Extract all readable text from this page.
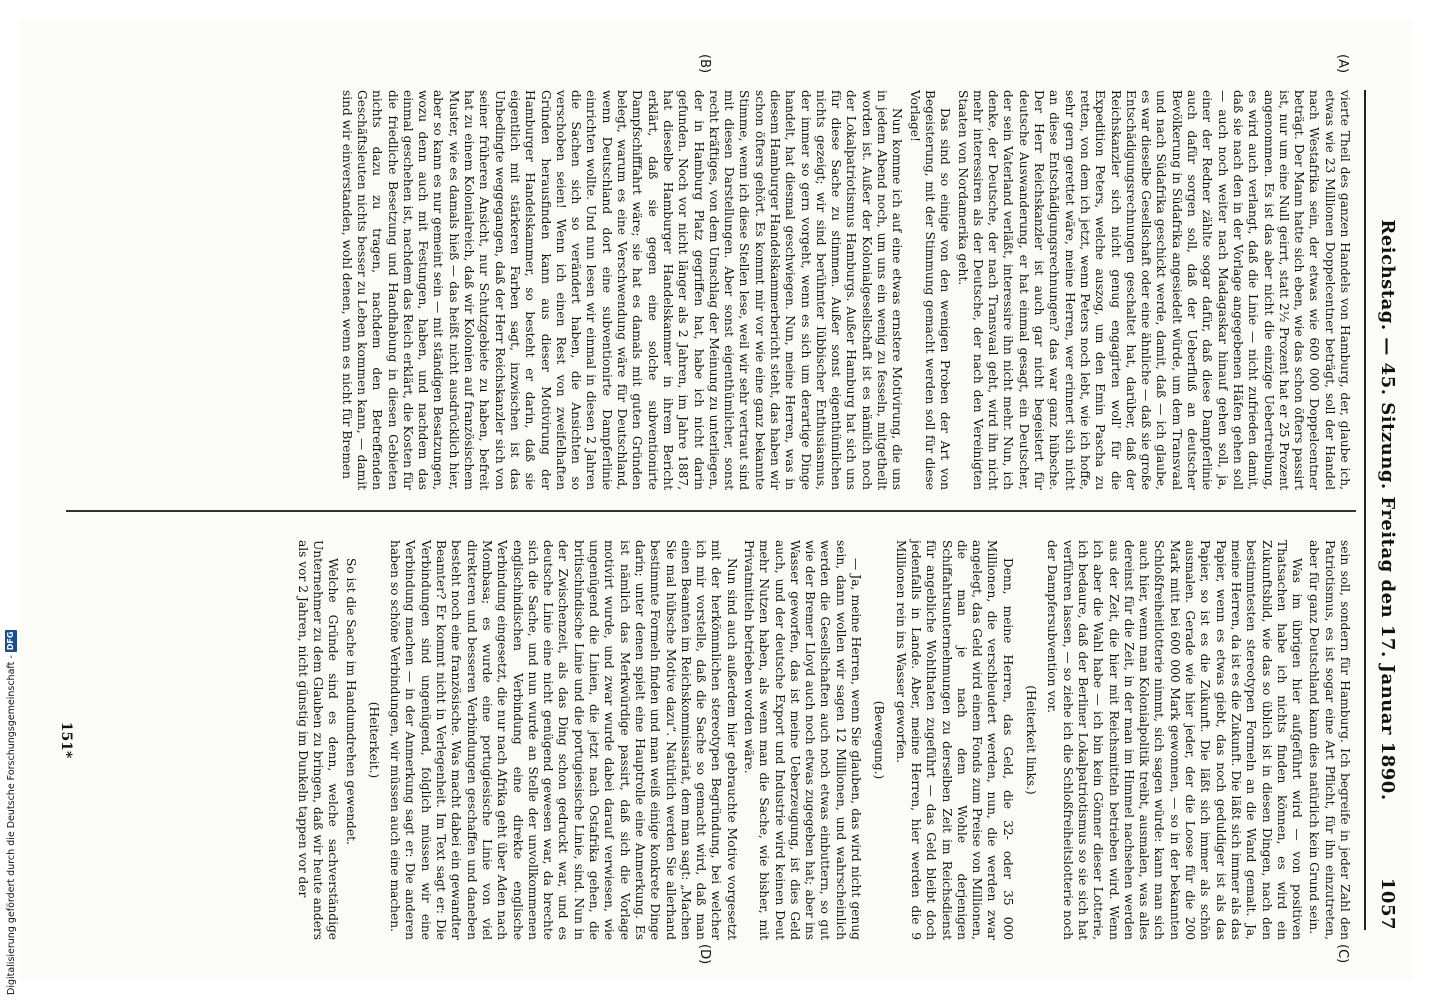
Reichstag. — 45. Sitzung. Freitag den 17. Januar 1890.
1057
(A)
(B)
(C)
(D)

vierte Theil des ganzen Handels von Hamburg, der, glaube ich, etwas wie 23 Millionen Doppelcentner beträgt, soll der Handel nach Westafrika sein, der etwas wie 600 000 Doppelcentner beträgt. Der Mann hatte sich eben, wie das schon öfters passirt ist, nur um eine Null geirrt, statt 2½ Prozent hat er 25 Prozent angenommen. Es ist das aber nicht die einzige Uebertreibung, es wird auch verlangt, daß die Linie — nicht zufrieden damit, daß sie nach den in der Vorlage angegebenen Häfen gehen soll — auch noch weiter nach Madagaskar hinauf gehen soll, ja, einer der Redner zählte sogar dafür, daß diese Dampferlinie auch dafür sorgen soll, daß der Ueberfluß an deutscher Bevölkerung in Südafrika angesiedelt würde, um dem Transvaal und nach Südafrika geschickt werde, damit, daß — ich glaube, es war dieselbe Gesellschaft oder eine ähnliche — daß sie große Entschädigungsrechnungen geschaltet hat, darüber, daß der Reichskanzler sich nicht genug engagirten woll' für die Expedition Peters, welche auszog, um den Emin Pascha zu retten, von dem ich jetzt, wenn Peters noch lebt, wie ich hoffe, sehr gern gerettet wäre, meine Herren, wer erinnert sich nicht an diese Entschädigungsrechnungen? das war ganz hübsche. Der Herr Reichskanzler ist auch gar nicht begeistert für deutsche Auswanderung, er hat einmal gesagt, ein Deutscher, der sein Vaterland verläßt, interessire ihn nicht mehr. Nun, ich denke, der Deutsche, der nach Transvaal geht, wird ihn nicht mehr interessiren als der Deutsche, der nach den Vereinigten Staaten von Nordamerika geht.

Das sind so einige von den wenigen Proben der Art von Begeisterung, mit der Stimmung gemacht werden soll für diese Vorlage!

Nun komme ich auf eine etwas ernstere Motivirung, die uns in jedem Abend noch, um uns ein wenig zu fesseln, mitgetheilt worden ist. Außer der Kolonialgesellschaft ist es nämlich noch der Lokalpatriotismus Hamburgs. Außer Hamburg hat sich uns für diese Sache zu stimmen. Außer sonst eigenthümlichen nichts gezeigt; wir sind berühmter lübbischer Enthusiasmus, der immer so gern vorgeht, wenn es sich um derartige Dinge handelt, hat diesmal geschwiegen. Nun, meine Herren, was in diesem Hamburger Handelskammerbericht steht, das haben wir schon öfters gehört. Es kommt mir vor wie eine ganz bekannte Stimme, wenn ich diese Stellen lese, weil wir sehr vertraut sind mit diesen Darstellungen. Aber sonst eigenthümlicher, sonst recht kräftiges, von dem Umschlag der Meinung zu unterliegen, der in Hamburg Platz gegriffen hat, habe ich nicht darin gefunden. Noch vor nicht länger als 2 Jahren, im Jahre 1887, hat dieselbe Hamburger Handelskammer in ihrem Bericht erklärt, daß sie gegen eine solche subventionirte Dampfschifffahrt wäre; sie hat es damals mit guten Gründen belegt, warum es eine Verschwendung wäre für Deutschland, wenn Deutschland dort eine subventionirte Dampferlinie einrichten wollte. Und nun lesen wir einmal in diesen 2 Jahren die Sachen sich so verändert haben, die Ansichten so verschoben seien! Wenn ich einen Rest von zweifelhaften Gründen herausfinden kann aus dieser Motivirung der Hamburger Handelskammer, so besteht er darin, daß sie eigentlich mit stärkeren Farben sagt, inzwischen ist das Unbedingte weggegangen, daß der Herr Reichskanzler sich von seiner früheren Ansicht, nur Schutzgebiete zu haben, befreit hat zu einem Kolonialreich, daß wir Kolonien auf französischem Muster, wie es damals hieß — das heißt nicht ausdrücklich hier, aber so kann es nur gemeint sein — mit ständigen Besatzungen, wozu denn auch mit Festungen, haben, und nachdem das einmal geschehen ist, nachdem das Reich erklärt, die Kosten für die friedliche Besetzung und Handhabung in diesen Gebieten nichts dazu zu tragen, nachdem den Betreffenden Geschäftsleuten nichts besser zu Leben kommen kann, — damit sind wir einverstanden, wohl denen, wenn es nicht für Bremen

sein soll, sondern für Hamburg. Ich begreife in jeder Zahl den Patriotismus, es ist sogar eine Art Pflicht, für ihn einzutreten, aber für ganz Deutschland kann dies natürlich kein Grund sein.

Was im übrigen hier aufgeführt wird — von positiven Thatsachen habe ich nichts finden können, es wird ein Zukunftsbild, wie das so üblich ist in diesen Dingen, nach den bestimmtesten stereotypen Formeln an die Wand gemalt. Ja, meine Herren, da ist es die Zukunft. Die läßt sich immer als das Papier, wenn es etwas giebt, das noch geduldiger ist als das Papier, so ist es die Zukunft. Die läßt sich immer als schön ausmalen. Gerade wie hier jeder, der die Loose für die 200 Mark mitt bei 600 000 Mark gewonnen, — so in der bekannten Schloßfreiheitlotterie nimmt, sich sagen würde: kann man sich auch hier, wenn man Kolonialpolitik treibt, ausmalen, was alles dereinst für die Zeit, in der man im Himmel nachsehen werden aus der Zeit, die hier mit Reichsmitteln betrieben wird. Wenn ich aber die Wahl habe — ich bin kein Gönner dieser Lotterie, ich bedaure, daß der Berliner Lokalpatriotismus so sie sich hat verführen lassen, — so ziehe ich die Schloßfreiheitslotterie noch der Dampfersubvention vor.

(Heiterkeit links.)

Denn, meine Herren, das Geld, die 32- oder 35 000 Millionen, die verschleudert werden, nun, die werden zwar angelegt, das Geld wird einem Fonds zum Preise von Millionen, die man je nach dem Wohle derjenigen Schiffahrtsunternehmungen zu derselben Zeit im Reichsdienst für angebliche Wohlthaten zugeführt — das Geld bleibt doch jedenfalls in Lande. Aber, meine Herren, hier werden die 9 Millionen rein ins Wasser geworfen.

(Bewegung.)

— Ja, meine Herren, wenn Sie glauben, das wird nicht genug sein, dann wollen wir sagen 12 Millionen, und wahrscheinlich werden die Gesellschaften auch noch etwas einbuttern, so gut wie der Bremer Lloyd auch noch etwas zugegeben hat; aber ins Wasser geworfen, das ist meine Ueberzeugung, ist dies Geld auch, und der deutsche Export und Industrie wird keinen Deut mehr Nutzen haben, als wenn man die Sache, wie bisher, mit Privatmitteln betrieben worden wäre.

Nun sind auch außerdem hier gebrauchte Motive vorgesetzt mit der herkömmlichen stereotypen Begründung, bei welcher ich mir vorstelle, daß die Sache so gemacht wird, daß man einen Beamten im Reichskommissariat, dem man sagt: „Machen Sie mal hübsche Motive dazu“. Natürlich werden Sie allerhand bestimmte Formeln finden und man weiß einige konkrete Dinge darin; unter denen spielt eine Hauptrolle eine Anmerkung. Es ist nämlich das Merkwürdige passirt, daß sich die Vorlage motivirt wurde, und zwar wurde dabei darauf verwiesen, wie ungenügend die Linien, die jetzt nach Ostafrika gehen, die britischindische Linie und die portugiesische Linie, sind. Nun in der Zwischenzeit, als das Ding schon gedruckt war, und es deutsche Linie eine nicht genügend gewesen war, da brechte sich die Sache, und nun wurde an Stelle der unvollkommenen englischindischen Verbindung eine direkte englische Verbindung eingesetzt, die nur nach Afrika geht über Aden nach Mombasa; es wurde eine portugiesische Linie von viel direkteren und besseren Verbindungen geschaffen und daneben besteht noch eine französische. Was macht dabei ein gewandter Beamter? Er kommt nicht in Verlegenheit. Im Text sagt er: Die Verbindungen sind ungenügend, folglich müssen wir eine Verbindung machen — in der Anmerkung sagt er: Die anderen haben so schöne Verbindungen, wir müssen auch eine machen.

(Heiterkeit.)

So ist die Sache im Handumdrehen gewendet.

Welche Gründe sind es denn, welche sachverständige Unternehmer zu dem Glauben zu bringen, daß wir heute anders als vor 2 Jahren, nicht günstig im Dunkeln tappen vor der

151*
Digitalisierung gefördert durch die Deutsche Forschungsgemeinschaft -
DFG
